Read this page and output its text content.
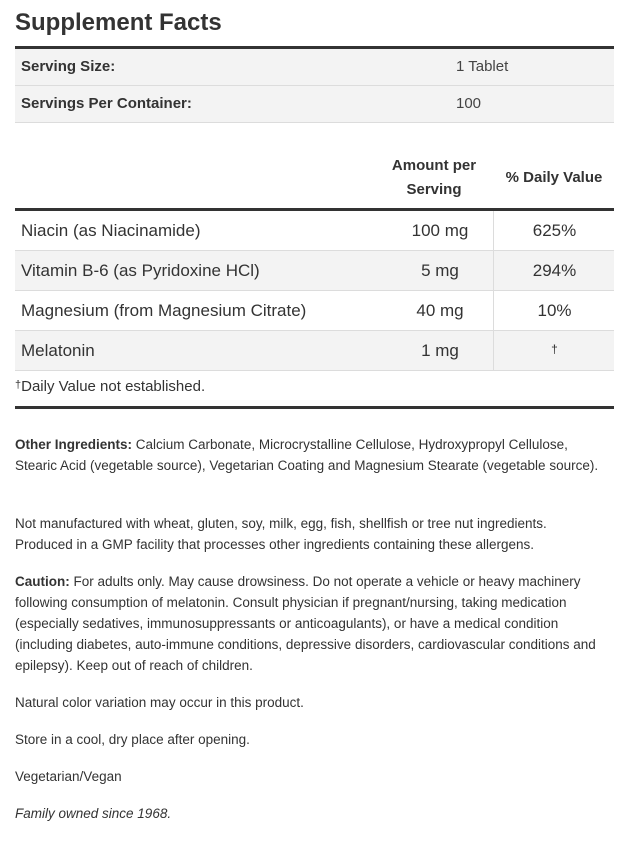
Supplement Facts
Serving Size:	1 Tablet
Servings Per Container:	100
Amount per
Serving
% Daily Value
Niacin (as Niacinamide)	100 mg	625%
Vitamin B-6 (as Pyridoxine HCl)	5 mg	294%
Magnesium (from Magnesium Citrate)	40 mg	10%
Melatonin	1 mg	†
†Daily Value not established.
Other Ingredients: Calcium Carbonate, Microcrystalline Cellulose, Hydroxypropyl Cellulose, Stearic Acid (vegetable source), Vegetarian Coating and Magnesium Stearate (vegetable source).
Not manufactured with wheat, gluten, soy, milk, egg, fish, shellfish or tree nut ingredients. Produced in a GMP facility that processes other ingredients containing these allergens.
Caution: For adults only. May cause drowsiness. Do not operate a vehicle or heavy machinery following consumption of melatonin. Consult physician if pregnant/nursing, taking medication (especially sedatives, immunosuppressants or anticoagulants), or have a medical condition (including diabetes, auto-immune conditions, depressive disorders, cardiovascular conditions and epilepsy). Keep out of reach of children.
Natural color variation may occur in this product.
Store in a cool, dry place after opening.
Vegetarian/Vegan
Family owned since 1968.
